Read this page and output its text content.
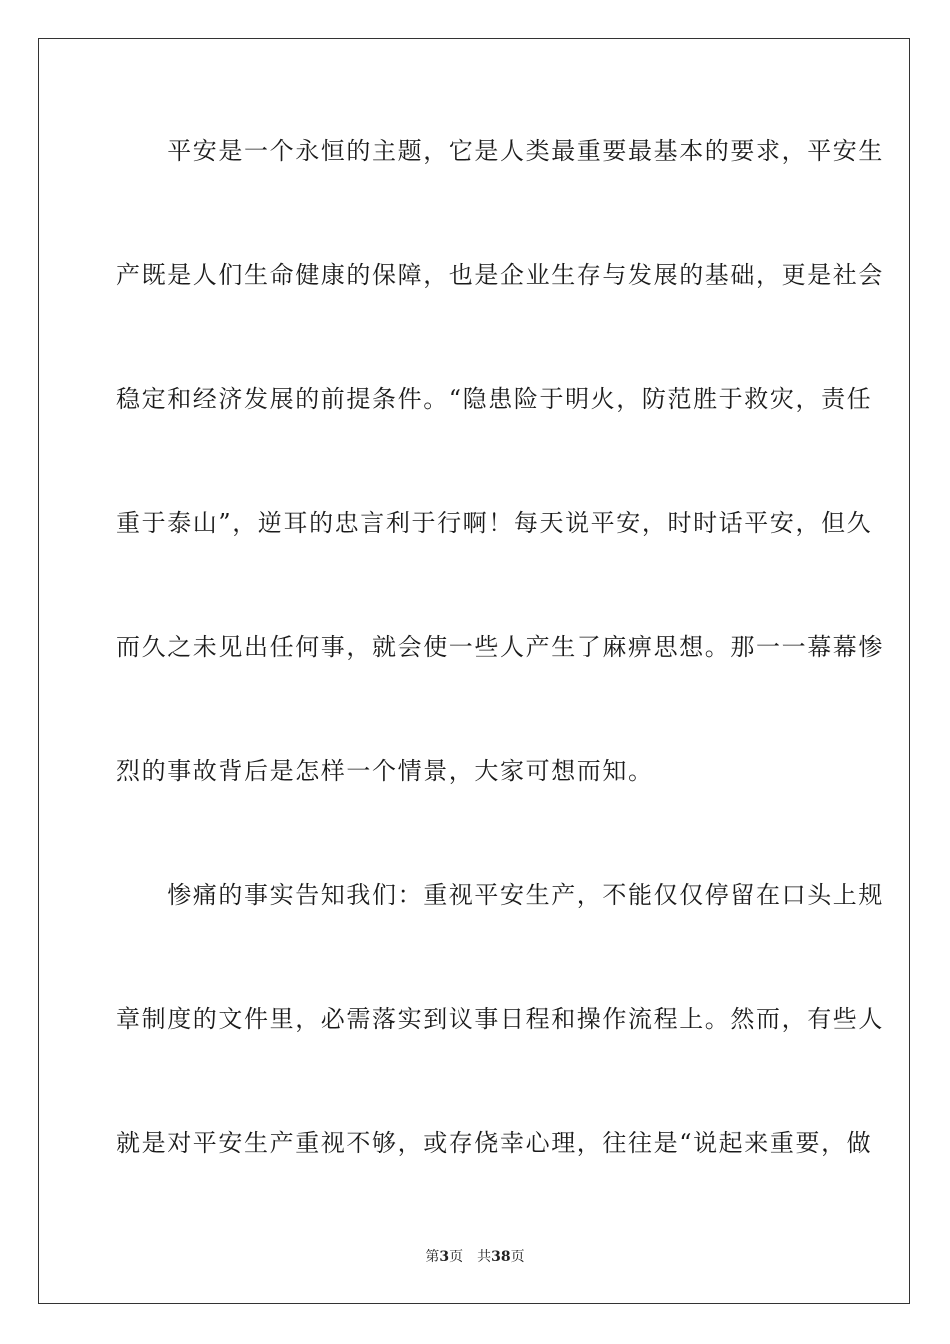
　　平安是一个永恒的主题，它是人类最重要最基本的要求，平安生
产既是人们生命健康的保障，也是企业生存与发展的基础，更是社会
稳定和经济发展的前提条件。“隐患险于明火，防范胜于救灾，责任
重于泰山”，逆耳的忠言利于行啊！每天说平安，时时话平安，但久
而久之未见出任何事，就会使一些人产生了麻痹思想。那一一幕幕惨
烈的事故背后是怎样一个情景，大家可想而知。
　　惨痛的事实告知我们：重视平安生产，不能仅仅停留在口头上规
章制度的文件里，必需落实到议事日程和操作流程上。然而，有些人
就是对平安生产重视不够，或存侥幸心理，往往是“说起来重要，做
第3页 共38页
